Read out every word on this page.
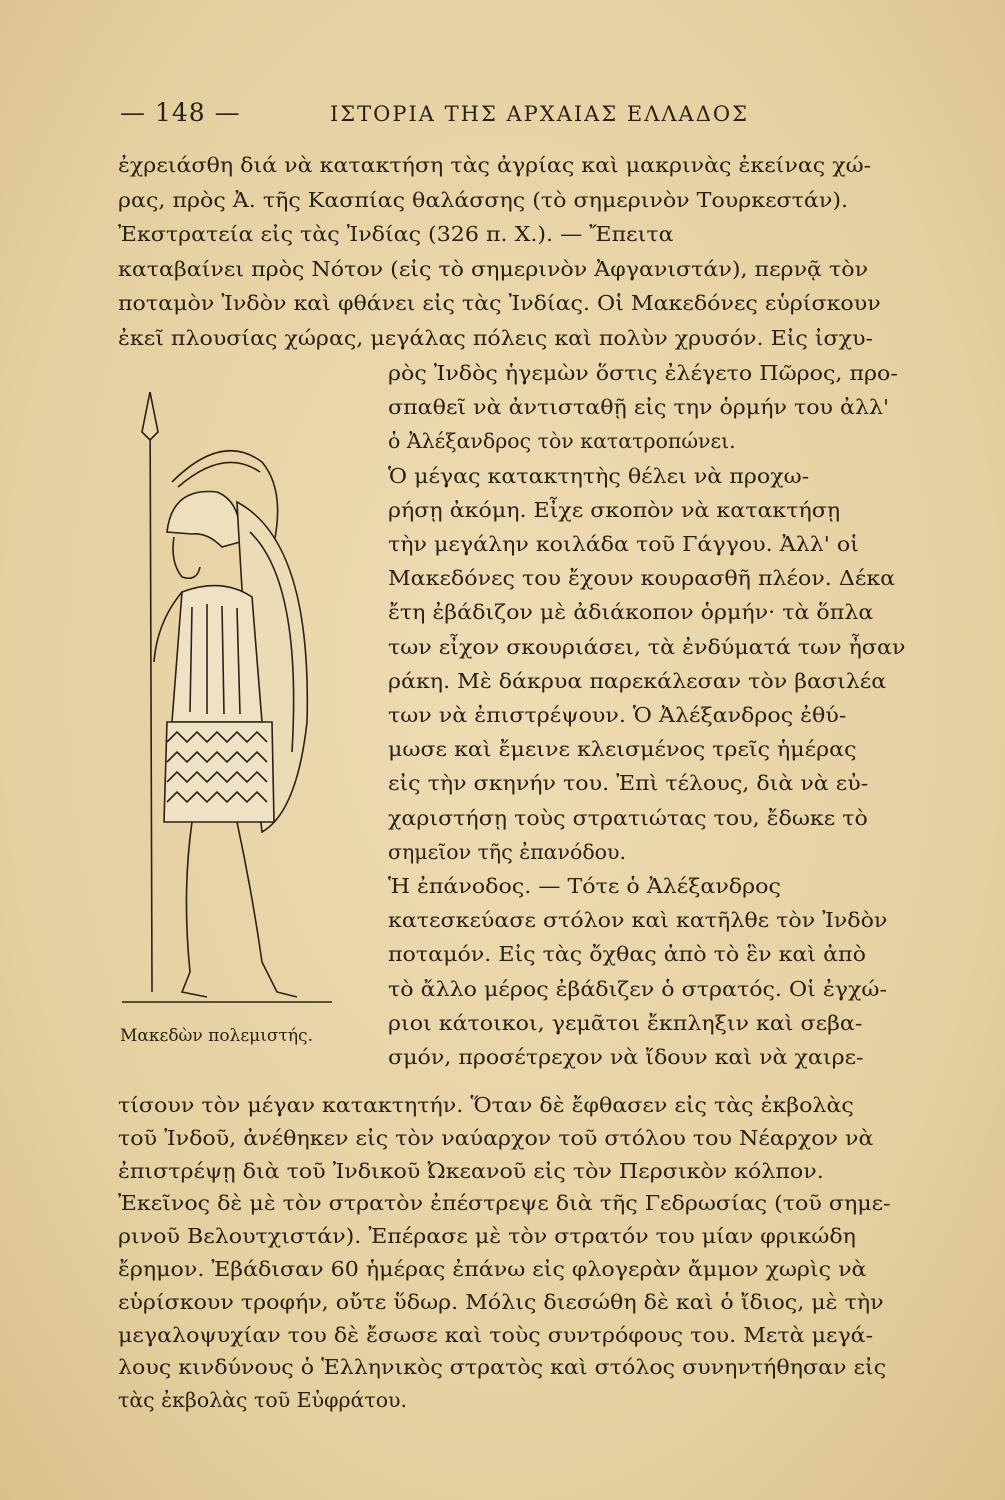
— 148 —	ΙΣΤΟΡΙΑ ΤΗΣ ΑΡΧΑΙΑΣ ΕΛΛΑΔΟΣ
ἐχρειάσθη διά νὰ κατακτήση τὰς ἀγρίας καὶ μακρινὰς ἐκείνας χώ-
ρας, πρὸς Ἀ. τῆς Κασπίας θαλάσσης (τὸ σημερινὸν Τουρκεστάν).
Ἐκστρατεία εἰς τὰς Ἰνδίας (326 π. Χ.). — Ἔπειτα
καταβαίνει πρὸς Νότον (εἰς τὸ σημερινὸν Ἀφγανιστάν), περνᾷ τὸν
ποταμὸν Ἰνδὸν καὶ φθάνει εἰς τὰς Ἰνδίας. Οἱ Μακεδόνες εὑρίσκουν
ἐκεῖ πλουσίας χώρας, μεγάλας πόλεις καὶ πολὺν χρυσόν. Εἰς ἰσχυ-
ρὸς Ἰνδὸς ἡγεμὼν ὅστις ἐλέγετο Πῶρος, προ-
σπαθεῖ νὰ ἀντισταθῇ εἰς την ὁρμήν του ἀλλ'
ὁ Ἀλέξανδρος τὸν κατατροπώνει.
Ὁ μέγας κατακτητὴς θέλει νὰ προχω-
ρήσῃ ἀκόμη. Εἶχε σκοπὸν νὰ κατακτήσῃ
τὴν μεγάλην κοιλάδα τοῦ Γάγγου. Ἀλλ' οἱ
Μακεδόνες του ἔχουν κουρασθῆ πλέον. Δέκα
ἔτη ἐβάδιζον μὲ ἀδιάκοπον ὁρμήν· τὰ ὅπλα
των εἶχον σκουριάσει, τὰ ἐνδύματά των ἦσαν
ράκη. Μὲ δάκρυα παρεκάλεσαν τὸν βασιλέα
των νὰ ἐπιστρέψουν. Ὁ Ἀλέξανδρος ἐθύ-
μωσε καὶ ἔμεινε κλεισμένος τρεῖς ἡμέρας
εἰς τὴν σκηνήν του. Ἐπὶ τέλους, διὰ νὰ εὐ-
χαριστήσῃ τοὺς στρατιώτας του, ἔδωκε τὸ
σημεῖον τῆς ἐπανόδου.
Ἡ ἐπάνοδος. — Τότε ὁ Ἀλέξανδρος
κατεσκεύασε στόλον καὶ κατῆλθε τὸν Ἰνδὸν
ποταμόν. Εἰς τὰς ὄχθας ἀπὸ τὸ ἓν καὶ ἀπὸ
τὸ ἄλλο μέρος ἐβάδιζεν ὁ στρατός. Οἱ ἐγχώ-
ριοι κάτοικοι, γεμᾶτοι ἔκπληξιν καὶ σεβα-
σμόν, προσέτρεχον νὰ ἴδουν καὶ νὰ χαιρε-
Μακεδὼν πολεμιστής.
τίσουν τὸν μέγαν κατακτητήν. Ὅταν δὲ ἔφθασεν εἰς τὰς ἐκβολὰς
τοῦ Ἰνδοῦ, ἀνέθηκεν εἰς τὸν ναύαρχον τοῦ στόλου του Νέαρχον νὰ
ἐπιστρέψῃ διὰ τοῦ Ἰνδικοῦ Ὠκεανοῦ εἰς τὸν Περσικὸν κόλπον.
Ἐκεῖνος δὲ μὲ τὸν στρατὸν ἐπέστρεψε διὰ τῆς Γεδρωσίας (τοῦ σημε-
ρινοῦ Βελουτχιστάν). Ἐπέρασε μὲ τὸν στρατόν του μίαν φρικώδη
ἔρημον. Ἐβάδισαν 60 ἡμέρας ἐπάνω εἰς φλογερὰν ἄμμον χωρὶς νὰ
εὑρίσκουν τροφήν, οὔτε ὕδωρ. Μόλις διεσώθη δὲ καὶ ὁ ἴδιος, μὲ τὴν
μεγαλοψυχίαν του δὲ ἔσωσε καὶ τοὺς συντρόφους του. Μετὰ μεγά-
λους κινδύνους ὁ Ἑλληνικὸς στρατὸς καὶ στόλος συνηντήθησαν εἰς
τὰς ἐκβολὰς τοῦ Εὐφράτου.
